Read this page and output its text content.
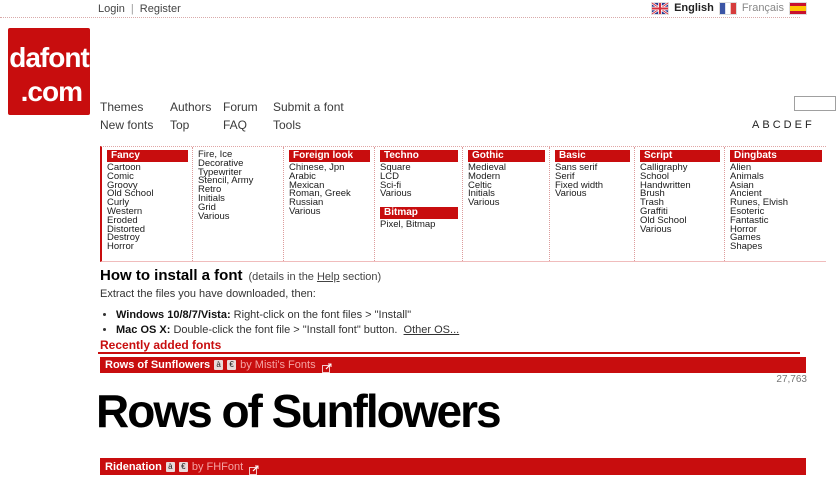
Login | Register	English	Français
dafont
.com	Themes	Authors Forum	Submit a font
New fonts	Top	FAQ	Tools	A B C D E F
Fancy
Cartoon
Comic
Groovy
Old School
Curly
Western
Eroded
Distorted
Destroy
Horror
Fire, Ice
Decorative
Typewriter
Stencil, Army
Retro
Initials
Grid
Various
Foreign look
Chinese, Jpn
Arabic
Mexican
Roman, Greek
Russian
Various
Techno
Square
LCD
Sci-fi
Various
Bitmap
Pixel, Bitmap
Gothic
Medieval
Modern
Celtic
Initials
Various
Basic
Sans serif
Serif
Fixed width
Various
Script
Calligraphy
School
Handwritten
Brush
Trash
Graffiti
Old School
Various
Dingbats
Alien
Animals
Asian
Ancient
Runes, Elvish
Esoteric
Fantastic
Horror
Games
Shapes
How to install a font (details in the Help section)
Extract the files you have downloaded, then:
• Windows 10/8/7/Vista: Right-click on the font files > "Install"
• Mac OS X: Double-click the font file > "Install font" button. Other OS...
Recently added fonts
Rows of Sunflowers à € by Misti's Fonts
27,763
Rows of Sunflowers
Ridenation à € by FHFont
